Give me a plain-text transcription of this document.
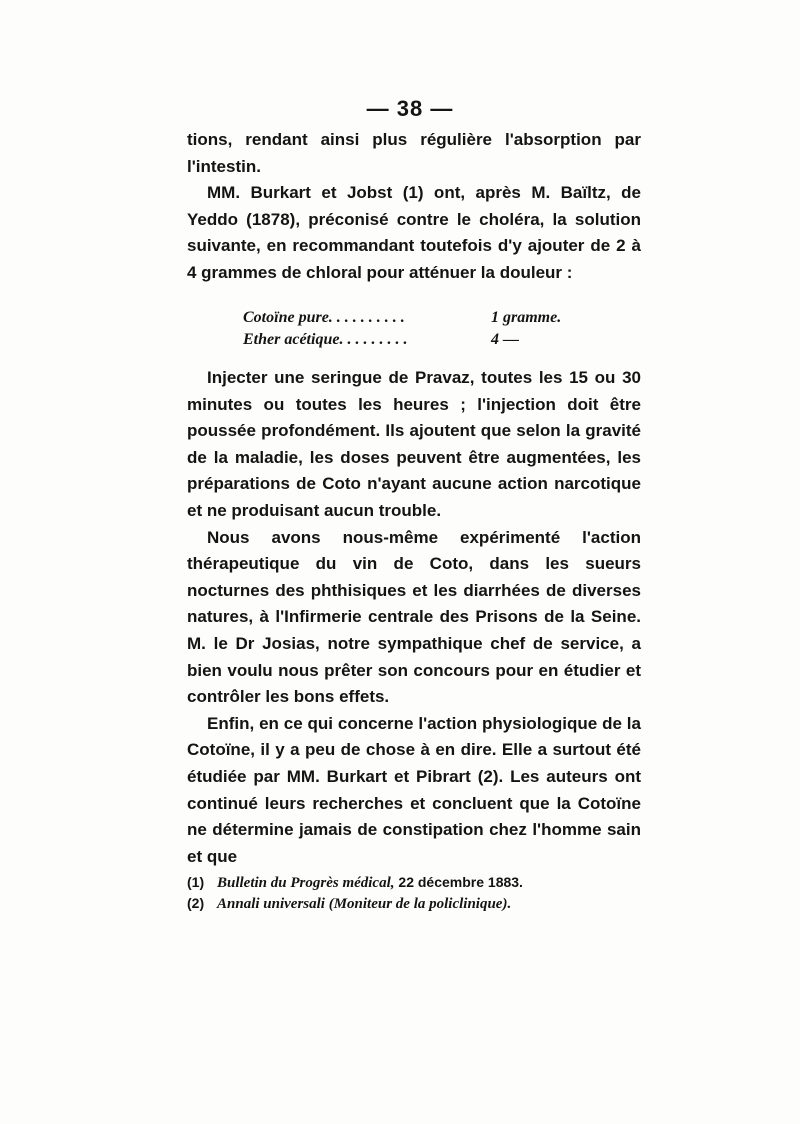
— 38 —

tions, rendant ainsi plus régulière l'absorption par l'intestin.

MM. Burkart et Jobst (1) ont, après M. Baïltz, de Yeddo (1878), préconisé contre le choléra, la solution suivante, en recommandant toutefois d'y ajouter de 2 à 4 grammes de chloral pour atténuer la douleur :

Cotoïne pure. . . . . . . . . .	1 gramme.
Ether acétique. . . . . . . . .	4 —

Injecter une seringue de Pravaz, toutes les 15 ou 30 minutes ou toutes les heures ; l'injection doit être poussée profondément. Ils ajoutent que selon la gravité de la maladie, les doses peuvent être augmentées, les préparations de Coto n'ayant aucune action narcotique et ne produisant aucun trouble.

Nous avons nous-même expérimenté l'action thérapeutique du vin de Coto, dans les sueurs nocturnes des phthisiques et les diarrhées de diverses natures, à l'Infirmerie centrale des Prisons de la Seine. M. le Dr Josias, notre sympathique chef de service, a bien voulu nous prêter son concours pour en étudier et contrôler les bons effets.

Enfin, en ce qui concerne l'action physiologique de la Cotoïne, il y a peu de chose à en dire. Elle a surtout été étudiée par MM. Burkart et Pibrart (2). Les auteurs ont continué leurs recherches et concluent que la Cotoïne ne détermine jamais de constipation chez l'homme sain et que

(1) Bulletin du Progrès médical, 22 décembre 1883.
(2) Annali universali (Moniteur de la policlinique).
